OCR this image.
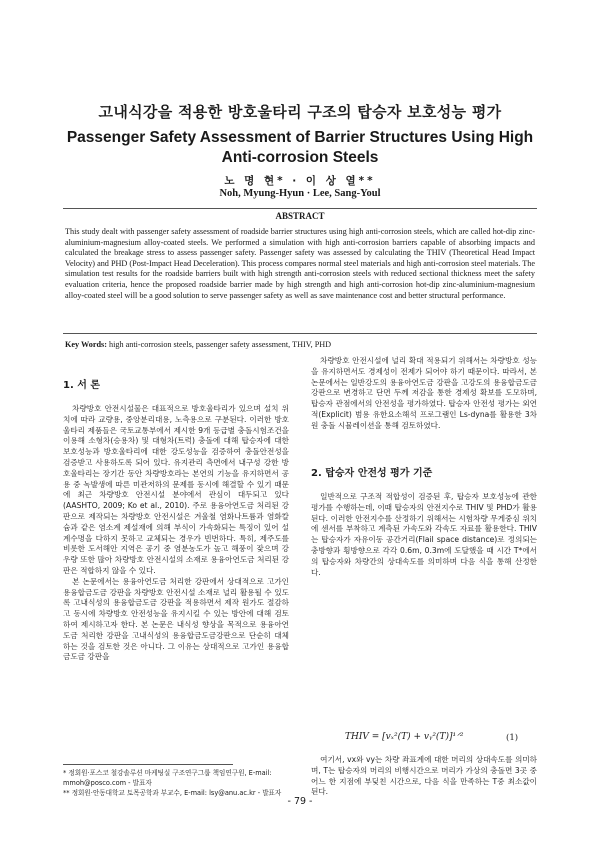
고내식강을 적용한 방호울타리 구조의 탑승자 보호성능 평가
Passenger Safety Assessment of Barrier Structures Using High Anti-corrosion Steels
노 명 현* · 이 상 열**
Noh, Myung-Hyun · Lee, Sang-Youl
ABSTRACT
This study dealt with passenger safety assessment of roadside barrier structures using high anti-corrosion steels, which are called hot-dip zinc-aluminium-magnesium alloy-coated steels. We performed a simulation with high anti-corrosion barriers capable of absorbing impacts and calculated the breakage stress to assess passenger safety. Passenger safety was assessed by calculating the THIV (Theoretical Head Impact Velocity) and PHD (Post-Impact Head Deceleration). This process compares normal steel materials and high anti-corrosion steel materials. The simulation test results for the roadside barriers built with high strength anti-corrosion steels with reduced sectional thickness meet the safety evaluation criteria, hence the proposed roadside barrier made by high strength and high anti-corrosion hot-dip zinc-aluminium-magnesium alloy-coated steel will be a good solution to serve passenger safety as well as save maintenance cost and better structural performance.
Key Words: high anti-corrosion steels, passenger safety assessment, THIV, PHD
1. 서 론

차량방호 안전시설물은 대표적으로 방호울타리가 있으며 설치 위치에 따라 교량용, 중앙분리대용, 노측용으로 구분된다. 이러한 방호울타리 제품들은 국토교통부에서 제시한 9개 등급별 충돌시험조건을 이용해 소형차(승용차) 및 대형차(트럭) 충돌에 대해 탑승자에 대한 보호성능과 방호울타리에 대한 강도성능을 검증하여 충돌안전성을 검증받고 사용하도록 되어 있다. 유지관리 측면에서 내구성 강한 방호울타리는 장기간 동안 차량방호라는 본연의 기능을 유지하면서 공용 중 녹발생에 따른 미관저하의 문제를 동시에 해결할 수 있기 때문에 최근 차량방호 안전시설 분야에서 관심이 대두되고 있다(AASHTO, 2009; Ko et al., 2010). 주로 용융아연도금 처리된 강판으로 제작되는 차량방호 안전시설은 겨울철 염화나트륨과 염화칼슘과 같은 염소계 제설재에 의해 부식이 가속화되는 특징이 있어 설계수명을 다하지 못하고 교체되는 경우가 빈번하다. 특히, 제주도를 비롯한 도서해안 지역은 공기 중 염분농도가 높고 해풍이 잦으며 강우량 또한 많아 차량방호 안전시설의 소재로 용융아연도금 처리된 강판은 적합하지 않을 수 있다.

본 논문에서는 용융아연도금 처리한 강판에서 상대적으로 고가인 용융합금도금 강판을 차량방호 안전시설 소재로 널리 활용될 수 있도록 고내식성의 용융합금도금 강판을 적용하면서 제작 원가도 절감하고 동시에 차량방호 안전성능을 유지시킬 수 있는 방안에 대해 검토하여 제시하고자 한다. 본 논문은 내식성 향상을 목적으로 용융아연도금 처리한 강판을 고내식성의 용융합금도금강판으로 단순히 대체하는 것을 검토한 것은 아니다. 그 이유는 상대적으로 고가인 용융합금도금 강판을

차량방호 안전시설에 널리 확대 적용되기 위해서는 차량방호 성능을 유지하면서도 경제성이 전제가 되어야 하기 때문이다. 따라서, 본 논문에서는 일반강도의 용융아연도금 강판을 고강도의 용융합금도금강판으로 변경하고 단면 두께 저감을 통한 경제성 확보를 도모하며, 탑승자 관점에서의 안전성을 평가하였다. 탑승자 안전성 평가는 외연적(Explicit) 범용 유한요소해석 프로그램인 Ls-dyna를 활용한 3차원 충돌 시뮬레이션을 통해 검토하였다.

2. 탑승자 안전성 평가 기준

일반적으로 구조적 적합성이 검증된 후, 탑승자 보호성능에 관한 평가를 수행하는데, 이때 탑승자의 안전지수로 THIV 및 PHD가 활용된다. 이러한 안전지수를 산정하기 위해서는 시험차량 무게중심 위치에 센서를 부착하고 계측된 가속도와 각속도 자료를 활용한다. THIV는 탑승자가 자유이동 공간거리(Flail space distance)로 정의되는 충방향과 횡방향으로 각각 0.6m, 0.3m에 도달했을 때 시간 T*에서의 탑승자와 차량간의 상대속도를 의미하며 다음 식을 통해 산정한다.

THIV = [vₓ²(T) + vᵧ²(T)]¹ᐟ²	(1)

여기서, vx와 vy는 차량 좌표계에 대한 머리의 상대속도를 의미하며, T는 탑승자의 머리의 비행시간으로 머리가 가상의 충돌면 3곳 중 어느 한 지점에 부딪친 시간으로, 다음 식을 만족하는 T중 최소값이 된다.

* 정회원·포스코 철강솔루션 마케팅실 구조연구그룹 책임연구원, E-mail: mmoh@posco.com - 발표자
** 정회원·안동대학교 토목공학과 부교수, E-mail: lsy@anu.ac.kr - 발표자
- 79 -
